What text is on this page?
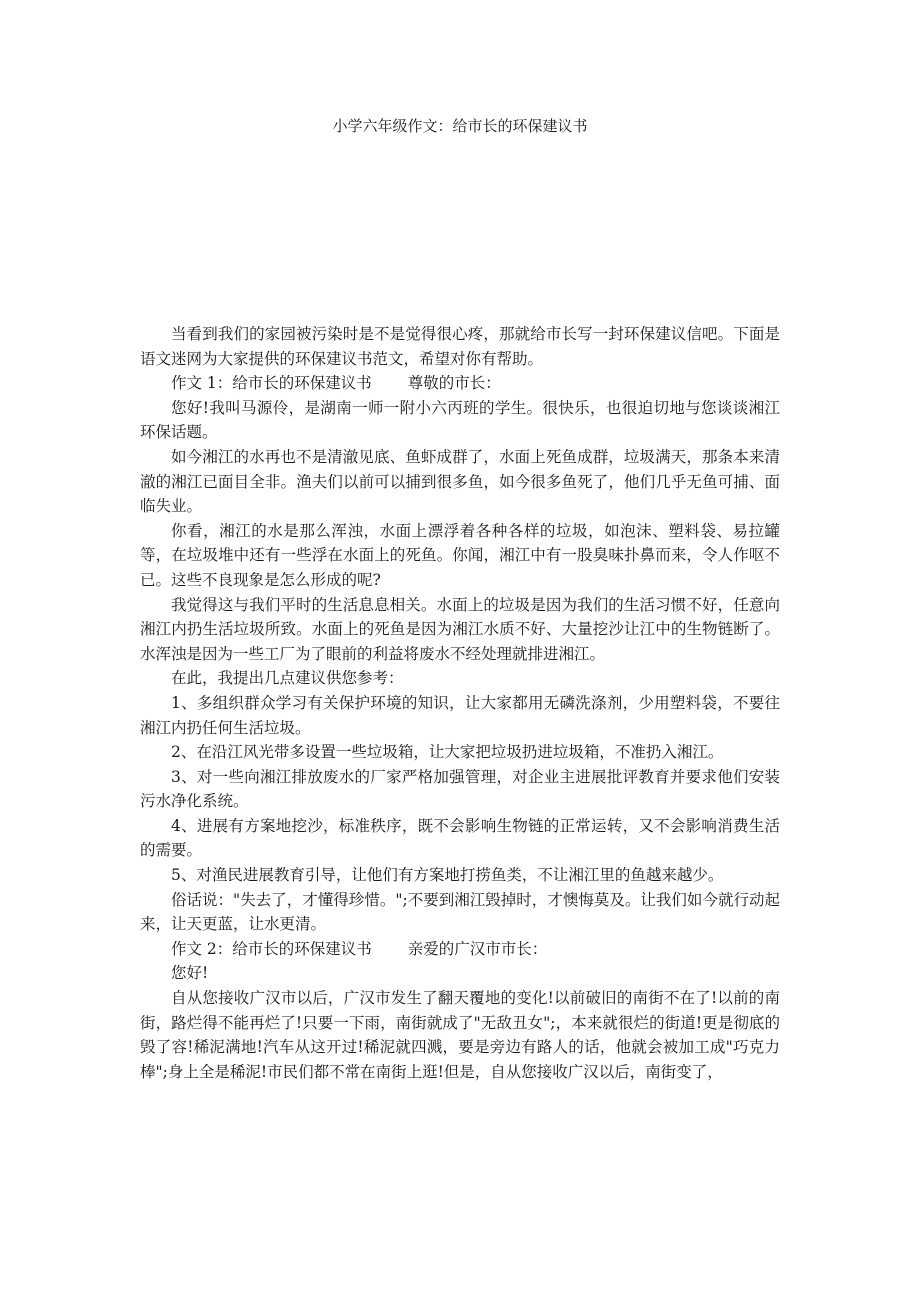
小学六年级作文：给市长的环保建议书

当看到我们的家园被污染时是不是觉得很心疼，那就给市长写一封环保建议信吧。下面是语文迷网为大家提供的环保建议书范文，希望对你有帮助。

作文 1：给市长的环保建议书 尊敬的市长：

您好!我叫马源伶，是湖南一师一附小六丙班的学生。很快乐，也很迫切地与您谈谈湘江环保话题。

如今湘江的水再也不是清澈见底、鱼虾成群了，水面上死鱼成群，垃圾满天，那条本来清澈的湘江已面目全非。渔夫们以前可以捕到很多鱼，如今很多鱼死了，他们几乎无鱼可捕、面临失业。

你看，湘江的水是那么浑浊，水面上漂浮着各种各样的垃圾，如泡沫、塑料袋、易拉罐等，在垃圾堆中还有一些浮在水面上的死鱼。你闻，湘江中有一股臭味扑鼻而来，令人作呕不已。这些不良现象是怎么形成的呢?

我觉得这与我们平时的生活息息相关。水面上的垃圾是因为我们的生活习惯不好，任意向湘江内扔生活垃圾所致。水面上的死鱼是因为湘江水质不好、大量挖沙让江中的生物链断了。水浑浊是因为一些工厂为了眼前的利益将废水不经处理就排进湘江。

在此，我提出几点建议供您参考：

1、多组织群众学习有关保护环境的知识，让大家都用无磷洗涤剂，少用塑料袋，不要往湘江内扔任何生活垃圾。

2、在沿江风光带多设置一些垃圾箱，让大家把垃圾扔进垃圾箱，不准扔入湘江。

3、对一些向湘江排放废水的厂家严格加强管理，对企业主进展批评教育并要求他们安装污水净化系统。

4、进展有方案地挖沙，标准秩序，既不会影响生物链的正常运转，又不会影响消费生活的需要。

5、对渔民进展教育引导，让他们有方案地打捞鱼类，不让湘江里的鱼越来越少。

俗话说："失去了，才懂得珍惜。";不要到湘江毁掉时，才懊悔莫及。让我们如今就行动起来，让天更蓝，让水更清。

作文 2：给市长的环保建议书 亲爱的广汉市市长：

您好!

自从您接收广汉市以后，广汉市发生了翻天覆地的变化!以前破旧的南街不在了!以前的南街，路烂得不能再烂了!只要一下雨，南街就成了"无敌丑女";，本来就很烂的街道!更是彻底的毁了容!稀泥满地!汽车从这开过!稀泥就四溅，要是旁边有路人的话，他就会被加工成"巧克力棒";身上全是稀泥!市民们都不常在南街上逛!但是，自从您接收广汉以后，南街变了，
